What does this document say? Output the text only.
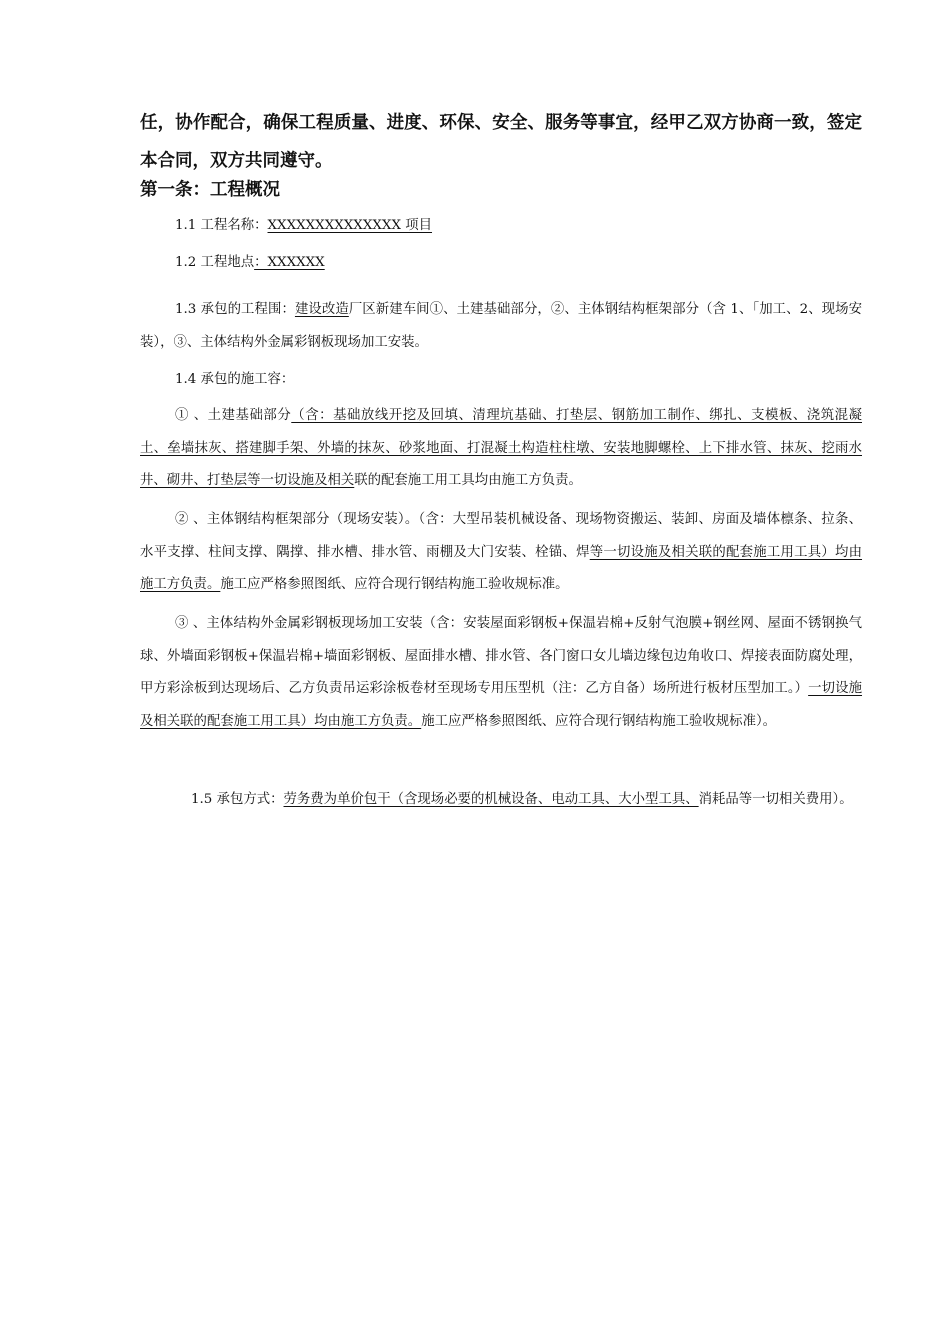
任，协作配合，确保工程质量、进度、环保、安全、服务等事宜，经甲乙双方协商一致，签定本合同，双方共同遵守。

第一条：工程概况

1.1 工程名称：XXXXXXXXXXXXXX 项目

1.2 工程地点：XXXXXX

1.3 承包的工程围：建设改造厂区新建车间①、土建基础部分，②、主体钢结构框架部分（含 1、「加工、2、现场安装），③、主体结构外金属彩钢板现场加工安装。

1.4 承包的施工容：

① 、土建基础部分（含：基础放线开挖及回填、清理坑基础、打垫层、钢筋加工制作、绑扎、支模板、浇筑混凝土、垒墙抹灰、搭建脚手架、外墙的抹灰、砂浆地面、打混凝土构造柱柱墩、安装地脚螺栓、上下排水管、抹灰、挖雨水井、砌井、打垫层等一切设施及相关联的配套施工用工具均由施工方负责。

② 、主体钢结构框架部分（现场安装）。（含：大型吊装机械设备、现场物资搬运、装卸、房面及墙体檩条、拉条、水平支撑、柱间支撑、隅撑、排水槽、排水管、雨棚及大门安装、栓锚、焊等一切设施及相关联的配套施工用工具）均由施工方负责。施工应严格参照图纸、应符合现行钢结构施工验收规标准。

③ 、主体结构外金属彩钢板现场加工安装（含：安装屋面彩钢板+保温岩棉+反射气泡膜+钢丝网、屋面不锈钢换气球、外墙面彩钢板+保温岩棉+墙面彩钢板、屋面排水槽、排水管、各门窗口女儿墙边缘包边角收口、焊接表面防腐处理，甲方彩涂板到达现场后、乙方负责吊运彩涂板卷材至现场专用压型机（注：乙方自备）场所进行板材压型加工。）一切设施及相关联的配套施工用工具）均由施工方负责。施工应严格参照图纸、应符合现行钢结构施工验收规标准）。

1.5 承包方式：劳务费为单价包干（含现场必要的机械设备、电动工具、大小型工具、消耗品等一切相关费用）。
